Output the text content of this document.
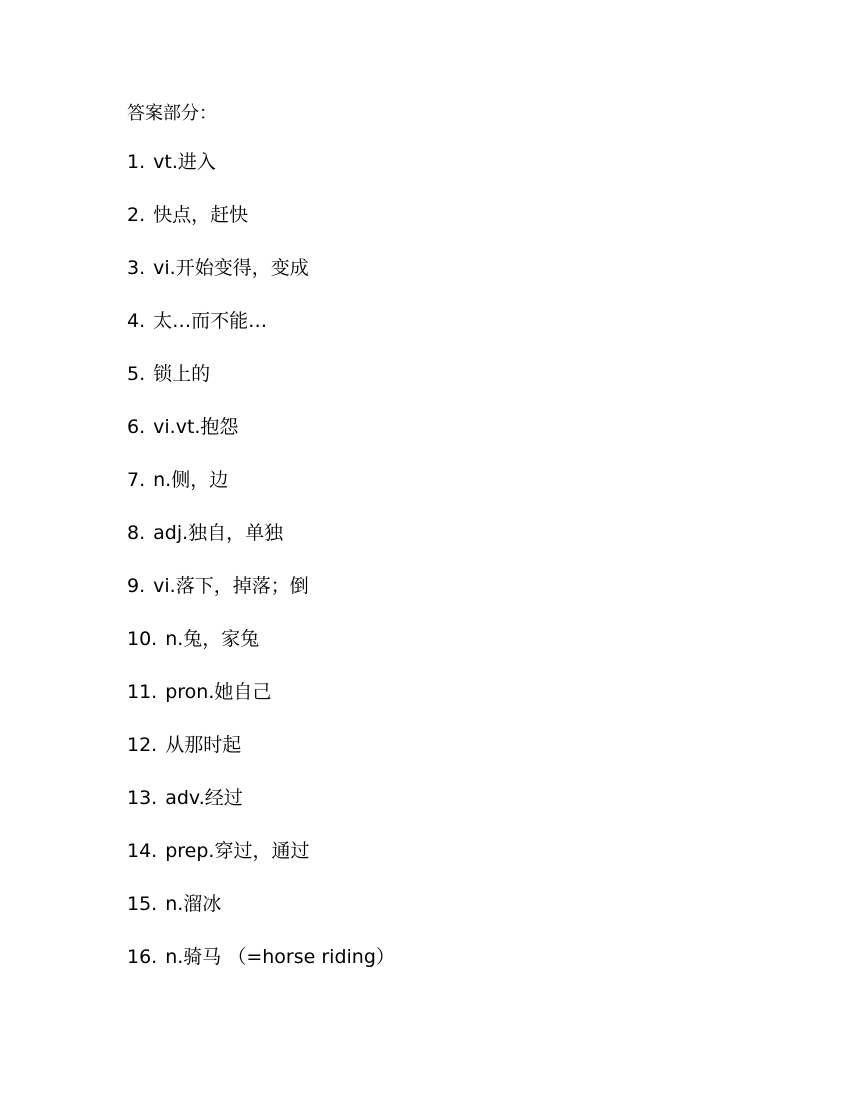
答案部分：
1. vt.进入
2. 快点，赶快
3. vi.开始变得，变成
4. 太…而不能…
5. 锁上的
6. vi.vt.抱怨
7. n.侧，边
8. adj.独自，单独
9. vi.落下，掉落；倒
10. n.兔，家兔
11. pron.她自己
12. 从那时起
13. adv.经过
14. prep.穿过，通过
15. n.溜冰
16. n.骑马 （=horse riding）
